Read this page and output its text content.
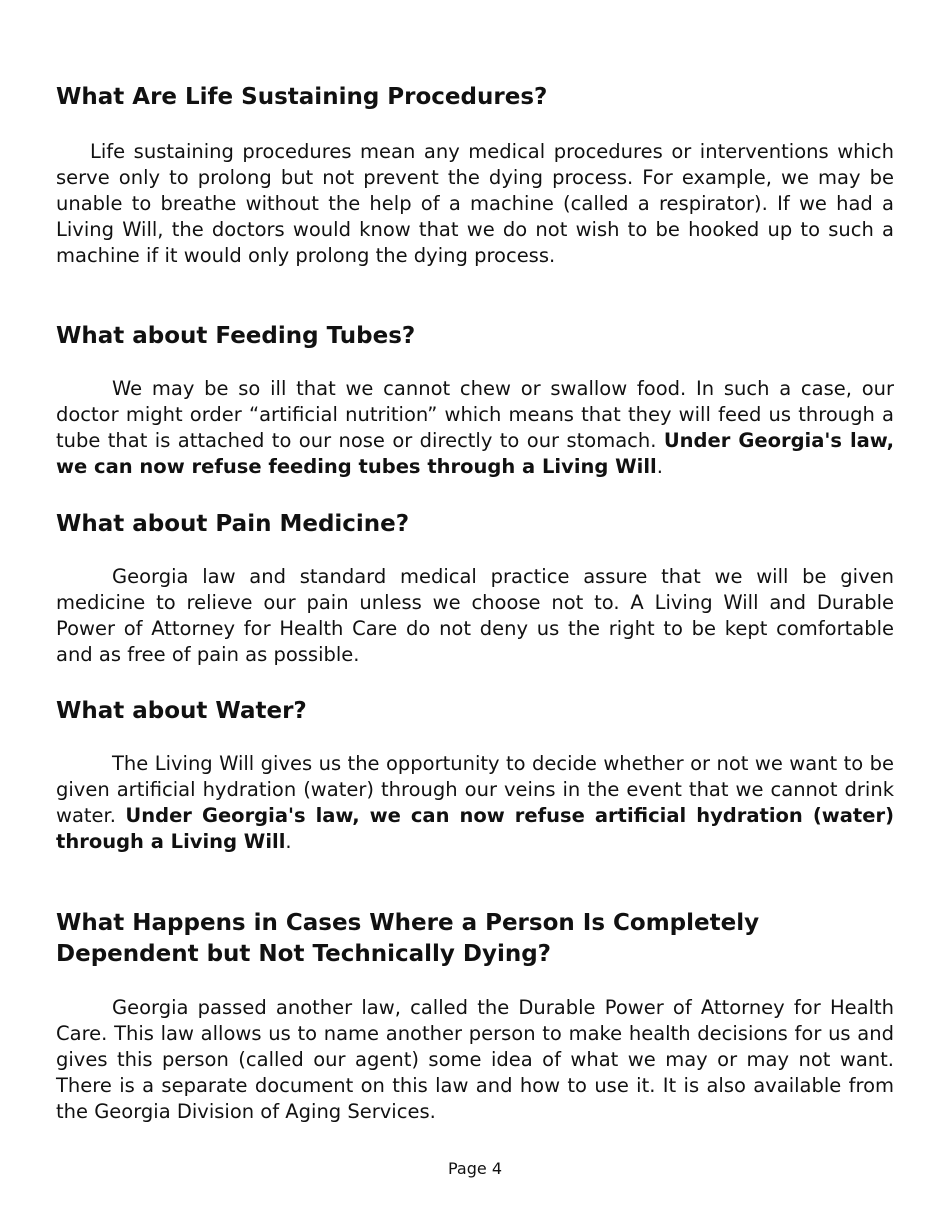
What Are Life Sustaining Procedures?

Life sustaining procedures mean any medical procedures or interventions which serve only to prolong but not prevent the dying process. For example, we may be unable to breathe without the help of a machine (called a respirator). If we had a Living Will, the doctors would know that we do not wish to be hooked up to such a machine if it would only prolong the dying process.

What about Feeding Tubes?

We may be so ill that we cannot chew or swallow food. In such a case, our doctor might order “artificial nutrition” which means that they will feed us through a tube that is attached to our nose or directly to our stomach. Under Georgia's law, we can now refuse feeding tubes through a Living Will.

What about Pain Medicine?

Georgia law and standard medical practice assure that we will be given medicine to relieve our pain unless we choose not to. A Living Will and Durable Power of Attorney for Health Care do not deny us the right to be kept comfortable and as free of pain as possible.

What about Water?

The Living Will gives us the opportunity to decide whether or not we want to be given artificial hydration (water) through our veins in the event that we cannot drink water. Under Georgia's law, we can now refuse artificial hydration (water) through a Living Will.

What Happens in Cases Where a Person Is Completely Dependent but Not Technically Dying?

Georgia passed another law, called the Durable Power of Attorney for Health Care. This law allows us to name another person to make health decisions for us and gives this person (called our agent) some idea of what we may or may not want. There is a separate document on this law and how to use it. It is also available from the Georgia Division of Aging Services.

Page 4
